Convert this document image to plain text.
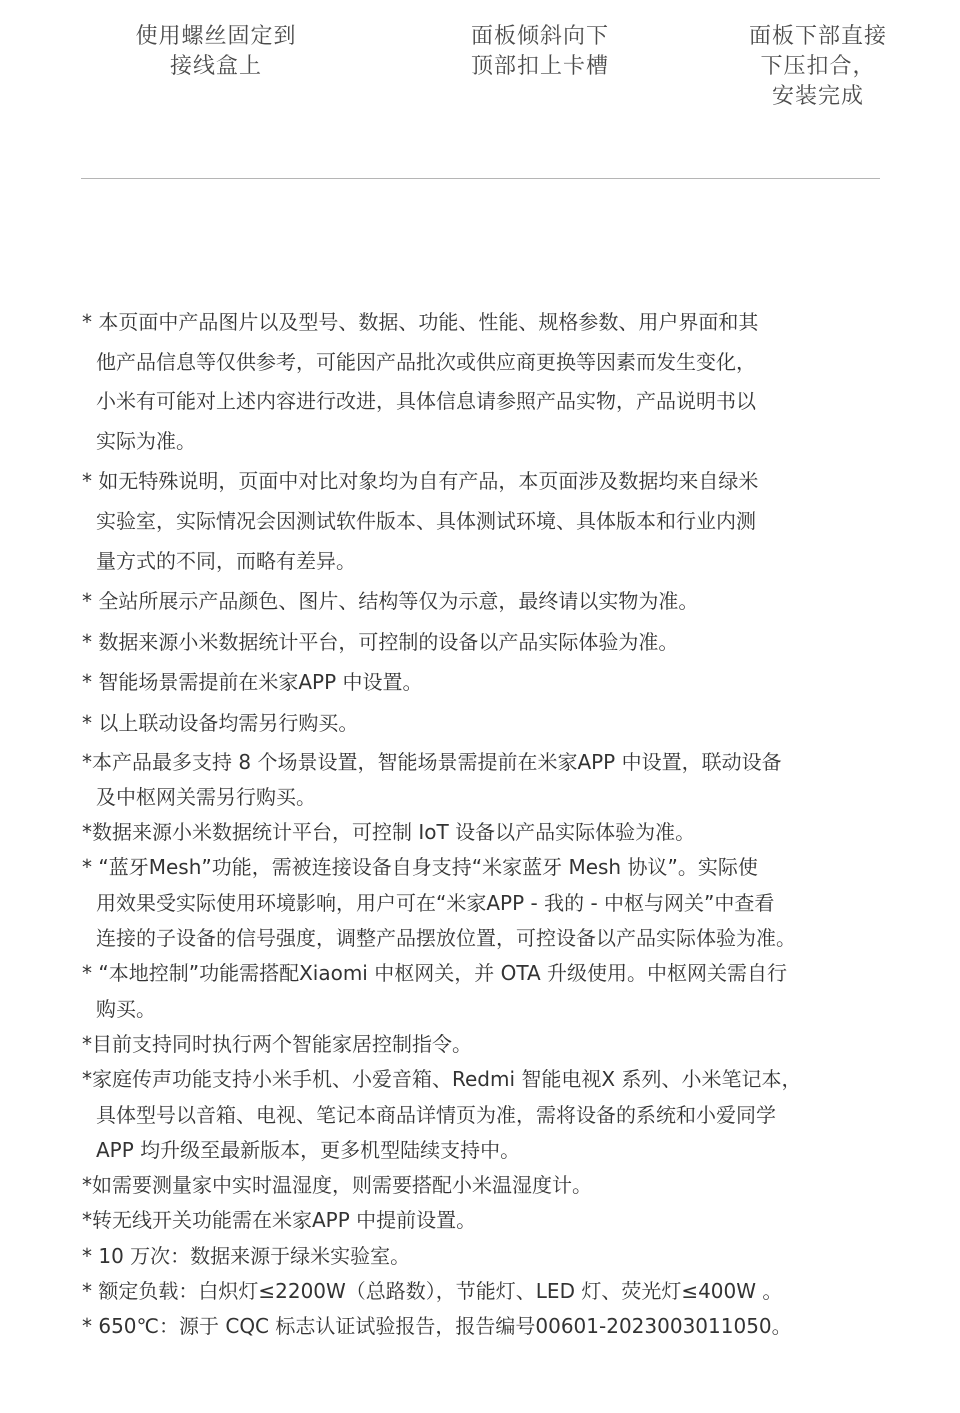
使用螺丝固定到
接线盒上
面板倾斜向下
顶部扣上卡槽
面板下部直接
下压扣合，
安装完成
* 本页面中产品图片以及型号、数据、功能、性能、规格参数、用户界面和其
他产品信息等仅供参考，可能因产品批次或供应商更换等因素而发生变化，
小米有可能对上述内容进行改进，具体信息请参照产品实物，产品说明书以
实际为准。
* 如无特殊说明，页面中对比对象均为自有产品，本页面涉及数据均来自绿米
实验室，实际情况会因测试软件版本、具体测试环境、具体版本和行业内测
量方式的不同，而略有差异。
* 全站所展示产品颜色、图片、结构等仅为示意，最终请以实物为准。
* 数据来源小米数据统计平台，可控制的设备以产品实际体验为准。
* 智能场景需提前在米家APP 中设置。
* 以上联动设备均需另行购买。
*本产品最多支持 8 个场景设置，智能场景需提前在米家APP 中设置，联动设备
及中枢网关需另行购买。
*数据来源小米数据统计平台，可控制 IoT 设备以产品实际体验为准。
* “蓝牙Mesh”功能，需被连接设备自身支持“米家蓝牙 Mesh 协议”。实际使
用效果受实际使用环境影响，用户可在“米家APP - 我的 - 中枢与网关”中查看
连接的子设备的信号强度，调整产品摆放位置，可控设备以产品实际体验为准。
* “本地控制”功能需搭配Xiaomi 中枢网关，并 OTA 升级使用。中枢网关需自行
购买。
*目前支持同时执行两个智能家居控制指令。
*家庭传声功能支持小米手机、小爱音箱、Redmi 智能电视X 系列、小米笔记本，
具体型号以音箱、电视、笔记本商品详情页为准，需将设备的系统和小爱同学
APP 均升级至最新版本，更多机型陆续支持中。
*如需要测量家中实时温湿度，则需要搭配小米温湿度计。
*转无线开关功能需在米家APP 中提前设置。
* 10 万次：数据来源于绿米实验室。
* 额定负载：白炽灯≤2200W（总路数），节能灯、LED 灯、荧光灯≤400W 。
* 650℃：源于 CQC 标志认证试验报告，报告编号00601-2023003011050。
